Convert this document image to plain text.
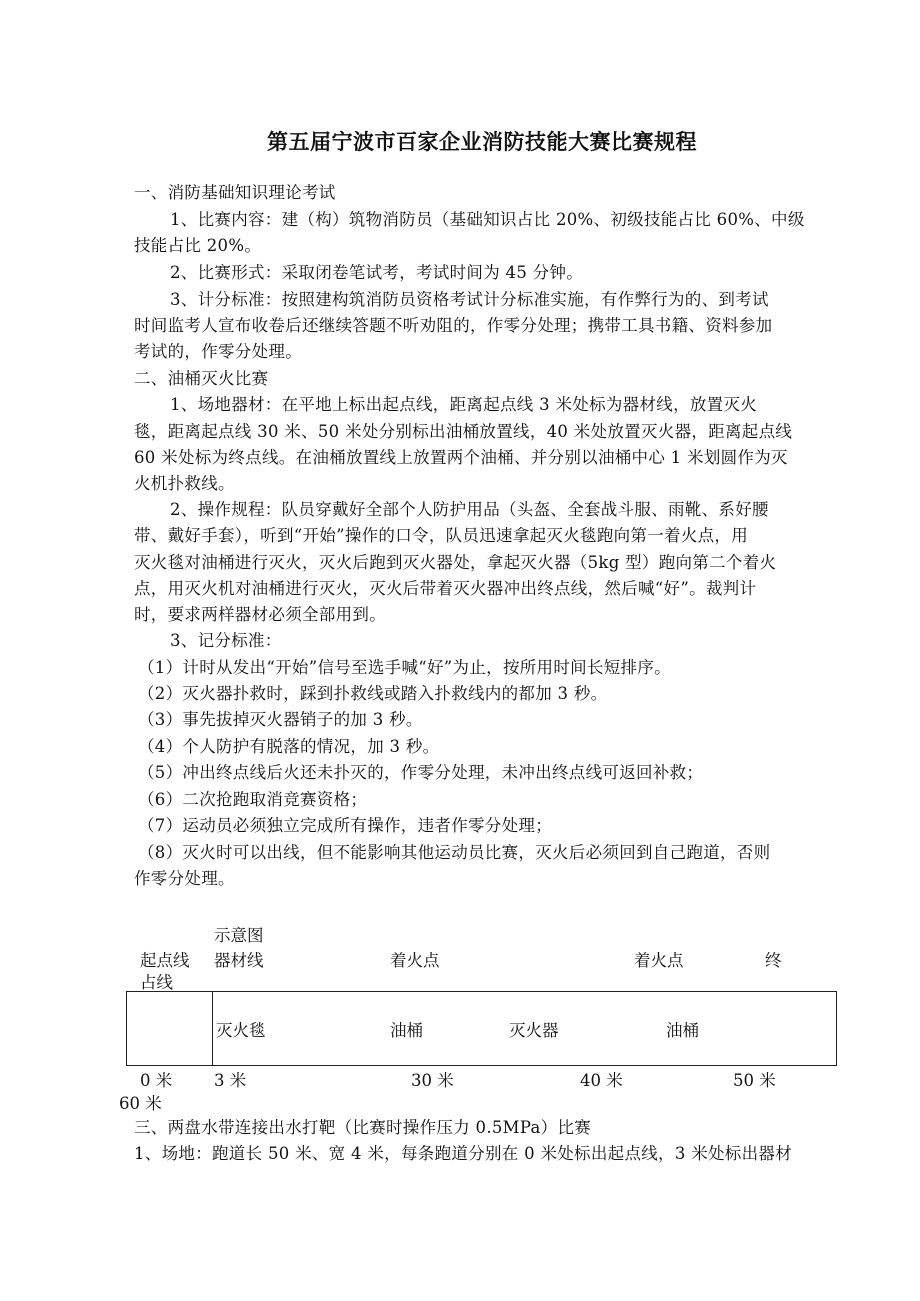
第五届宁波市百家企业消防技能大赛比赛规程
一、消防基础知识理论考试
1、比赛内容：建（构）筑物消防员（基础知识占比 20%、初级技能占比 60%、中级
技能占比 20%。
2、比赛形式：采取闭卷笔试考，考试时间为 45 分钟。
3、计分标准：按照建构筑消防员资格考试计分标准实施，有作弊行为的、到考试
时间监考人宣布收卷后还继续答题不听劝阻的，作零分处理；携带工具书籍、资料参加
考试的，作零分处理。
二、油桶灭火比赛
1、场地器材：在平地上标出起点线，距离起点线 3 米处标为器材线，放置灭火
毯，距离起点线 30 米、50 米处分别标出油桶放置线，40 米处放置灭火器，距离起点线
60 米处标为终点线。在油桶放置线上放置两个油桶、并分别以油桶中心 1 米划圆作为灭
火机扑救线。
2、操作规程：队员穿戴好全部个人防护用品（头盔、全套战斗服、雨靴、系好腰
带、戴好手套），听到“开始”操作的口令，队员迅速拿起灭火毯跑向第一着火点，用
灭火毯对油桶进行灭火，灭火后跑到灭火器处，拿起灭火器（5kg 型）跑向第二个着火
点，用灭火机对油桶进行灭火，灭火后带着灭火器冲出终点线，然后喊“好”。裁判计
时，要求两样器材必须全部用到。
3、记分标准：
（1）计时从发出“开始”信号至选手喊“好”为止，按所用时间长短排序。
（2）灭火器扑救时，踩到扑救线或踏入扑救线内的都加 3 秒。
（3）事先拔掉灭火器销子的加 3 秒。
（4）个人防护有脱落的情况，加 3 秒。
（5）冲出终点线后火还未扑灭的，作零分处理，未冲出终点线可返回补救；
（6）二次抢跑取消竞赛资格；
（7）运动员必须独立完成所有操作，违者作零分处理；
（8）灭火时可以出线，但不能影响其他运动员比赛，灭火后必须回到自己跑道，否则
作零分处理。
示意图
起点线
占线
器材线	着火点	着火点	终
灭火毯	油桶	灭火器	油桶
0 米	3 米	30 米	40 米	50 米
60 米
三、两盘水带连接出水打靶（比赛时操作压力 0.5MPa）比赛
1、场地：跑道长 50 米、宽 4 米，每条跑道分别在 0 米处标出起点线，3 米处标出器材
